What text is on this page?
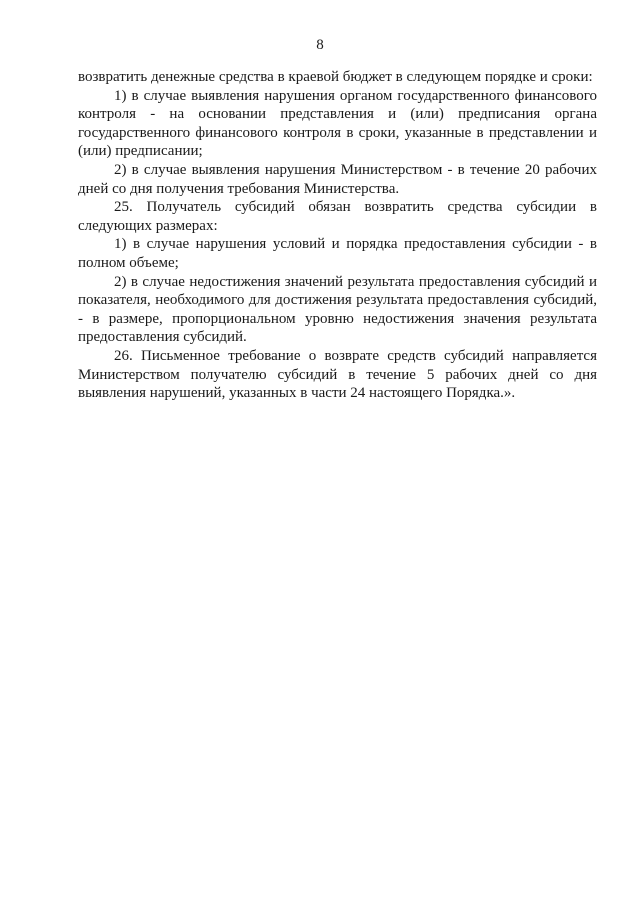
8

возвратить денежные средства в краевой бюджет в следующем порядке и сроки:

1) в случае выявления нарушения органом государственного финансового контроля - на основании представления и (или) предписания органа государственного финансового контроля в сроки, указанные в представлении и (или) предписании;

2) в случае выявления нарушения Министерством - в течение 20 рабочих дней со дня получения требования Министерства.

25. Получатель субсидий обязан возвратить средства субсидии в следующих размерах:

1) в случае нарушения условий и порядка предоставления субсидии - в полном объеме;

2) в случае недостижения значений результата предоставления субсидий и показателя, необходимого для достижения результата предоставления субсидий, - в размере, пропорциональном уровню недостижения значения результата предоставления субсидий.

26. Письменное требование о возврате средств субсидий направляется Министерством получателю субсидий в течение 5 рабочих дней со дня выявления нарушений, указанных в части 24 настоящего Порядка.».
